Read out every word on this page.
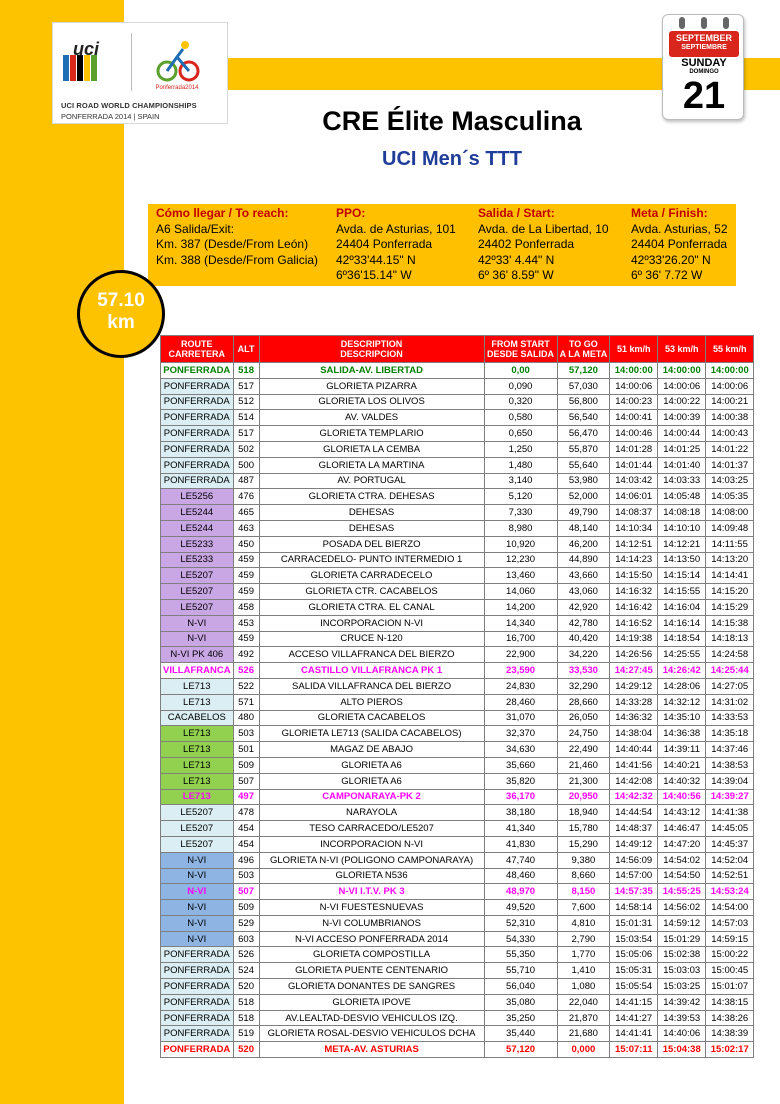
uci
Ponferrada2014
UCI ROAD WORLD CHAMPIONSHIPS
PONFERRADA 2014 | SPAIN
SEPTEMBER
SEPTIEMBRE
SUNDAY
DOMINGO
21
CRE Élite Masculina
UCI Men´s TTT
Cómo llegar / To reach:
A6 Salida/Exit:
Km. 387 (Desde/From León)
Km. 388 (Desde/From Galicia)
PPO:
Avda. de Asturias, 101
24404 Ponferrada
42º33'44.15" N
6º36'15.14" W
Salida / Start:
Avda. de La Libertad, 10
24402 Ponferrada
42º33' 4.44" N
6º 36' 8.59" W
Meta / Finish:
Avda. Asturias, 52
24404 Ponferrada
42º33'26.20" N
6º 36' 7.72 W
57.10
km
ROUTE
CARRETERA	ALT	DESCRIPTION
DESCRIPCION	FROM START
DESDE SALIDA	TO GO
A LA META	51 km/h	53 km/h	55 km/h
PONFERRADA	518	SALIDA-AV. LIBERTAD	0,00	57,120	14:00:00	14:00:00	14:00:00
PONFERRADA	517	GLORIETA PIZARRA	0,090	57,030	14:00:06	14:00:06	14:00:06
PONFERRADA	512	GLORIETA LOS OLIVOS	0,320	56,800	14:00:23	14:00:22	14:00:21
PONFERRADA	514	AV. VALDES	0,580	56,540	14:00:41	14:00:39	14:00:38
PONFERRADA	517	GLORIETA TEMPLARIO	0,650	56,470	14:00:46	14:00:44	14:00:43
PONFERRADA	502	GLORIETA LA CEMBA	1,250	55,870	14:01:28	14:01:25	14:01:22
PONFERRADA	500	GLORIETA LA MARTINA	1,480	55,640	14:01:44	14:01:40	14:01:37
PONFERRADA	487	AV. PORTUGAL	3,140	53,980	14:03:42	14:03:33	14:03:25
LE5256	476	GLORIETA CTRA. DEHESAS	5,120	52,000	14:06:01	14:05:48	14:05:35
LE5244	465	DEHESAS	7,330	49,790	14:08:37	14:08:18	14:08:00
LE5244	463	DEHESAS	8,980	48,140	14:10:34	14:10:10	14:09:48
LE5233	450	POSADA DEL BIERZO	10,920	46,200	14:12:51	14:12:21	14:11:55
LE5233	459	CARRACEDELO- PUNTO INTERMEDIO 1	12,230	44,890	14:14:23	14:13:50	14:13:20
LE5207	459	GLORIETA CARRADECELO	13,460	43,660	14:15:50	14:15:14	14:14:41
LE5207	459	GLORIETA CTR. CACABELOS	14,060	43,060	14:16:32	14:15:55	14:15:20
LE5207	458	GLORIETA CTRA. EL CANAL	14,200	42,920	14:16:42	14:16:04	14:15:29
N-VI	453	INCORPORACION N-VI	14,340	42,780	14:16:52	14:16:14	14:15:38
N-VI	459	CRUCE N-120	16,700	40,420	14:19:38	14:18:54	14:18:13
N-VI PK 406	492	ACCESO VILLAFRANCA DEL BIERZO	22,900	34,220	14:26:56	14:25:55	14:24:58
VILLAFRANCA	526	CASTILLO VILLAFRANCA PK 1	23,590	33,530	14:27:45	14:26:42	14:25:44
LE713	522	SALIDA VILLAFRANCA DEL BIERZO	24,830	32,290	14:29:12	14:28:06	14:27:05
LE713	571	ALTO PIEROS	28,460	28,660	14:33:28	14:32:12	14:31:02
CACABELOS	480	GLORIETA CACABELOS	31,070	26,050	14:36:32	14:35:10	14:33:53
LE713	503	GLORIETA LE713 (SALIDA CACABELOS)	32,370	24,750	14:38:04	14:36:38	14:35:18
LE713	501	MAGAZ DE ABAJO	34,630	22,490	14:40:44	14:39:11	14:37:46
LE713	509	GLORIETA A6	35,660	21,460	14:41:56	14:40:21	14:38:53
LE713	507	GLORIETA A6	35,820	21,300	14:42:08	14:40:32	14:39:04
LE713	497	CAMPONARAYA-PK 2	36,170	20,950	14:42:32	14:40:56	14:39:27
LE5207	478	NARAYOLA	38,180	18,940	14:44:54	14:43:12	14:41:38
LE5207	454	TESO CARRACEDO/LE5207	41,340	15,780	14:48:37	14:46:47	14:45:05
LE5207	454	INCORPORACION N-VI	41,830	15,290	14:49:12	14:47:20	14:45:37
N-VI	496	GLORIETA N-VI (POLIGONO CAMPONARAYA)	47,740	9,380	14:56:09	14:54:02	14:52:04
N-VI	503	GLORIETA N536	48,460	8,660	14:57:00	14:54:50	14:52:51
N-VI	507	N-VI I.T.V. PK 3	48,970	8,150	14:57:35	14:55:25	14:53:24
N-VI	509	N-VI FUESTESNUEVAS	49,520	7,600	14:58:14	14:56:02	14:54:00
N-VI	529	N-VI COLUMBRIANOS	52,310	4,810	15:01:31	14:59:12	14:57:03
N-VI	603	N-VI ACCESO PONFERRADA 2014	54,330	2,790	15:03:54	15:01:29	14:59:15
PONFERRADA	526	GLORIETA COMPOSTILLA	55,350	1,770	15:05:06	15:02:38	15:00:22
PONFERRADA	524	GLORIETA PUENTE CENTENARIO	55,710	1,410	15:05:31	15:03:03	15:00:45
PONFERRADA	520	GLORIETA DONANTES DE SANGRES	56,040	1,080	15:05:54	15:03:25	15:01:07
PONFERRADA	518	GLORIETA IPOVE	35,080	22,040	14:41:15	14:39:42	14:38:15
PONFERRADA	518	AV.LEALTAD-DESVIO VEHICULOS IZQ.	35,250	21,870	14:41:27	14:39:53	14:38:26
PONFERRADA	519	GLORIETA ROSAL-DESVIO VEHICULOS DCHA	35,440	21,680	14:41:41	14:40:06	14:38:39
PONFERRADA	520	META-AV. ASTURIAS	57,120	0,000	15:07:11	15:04:38	15:02:17
